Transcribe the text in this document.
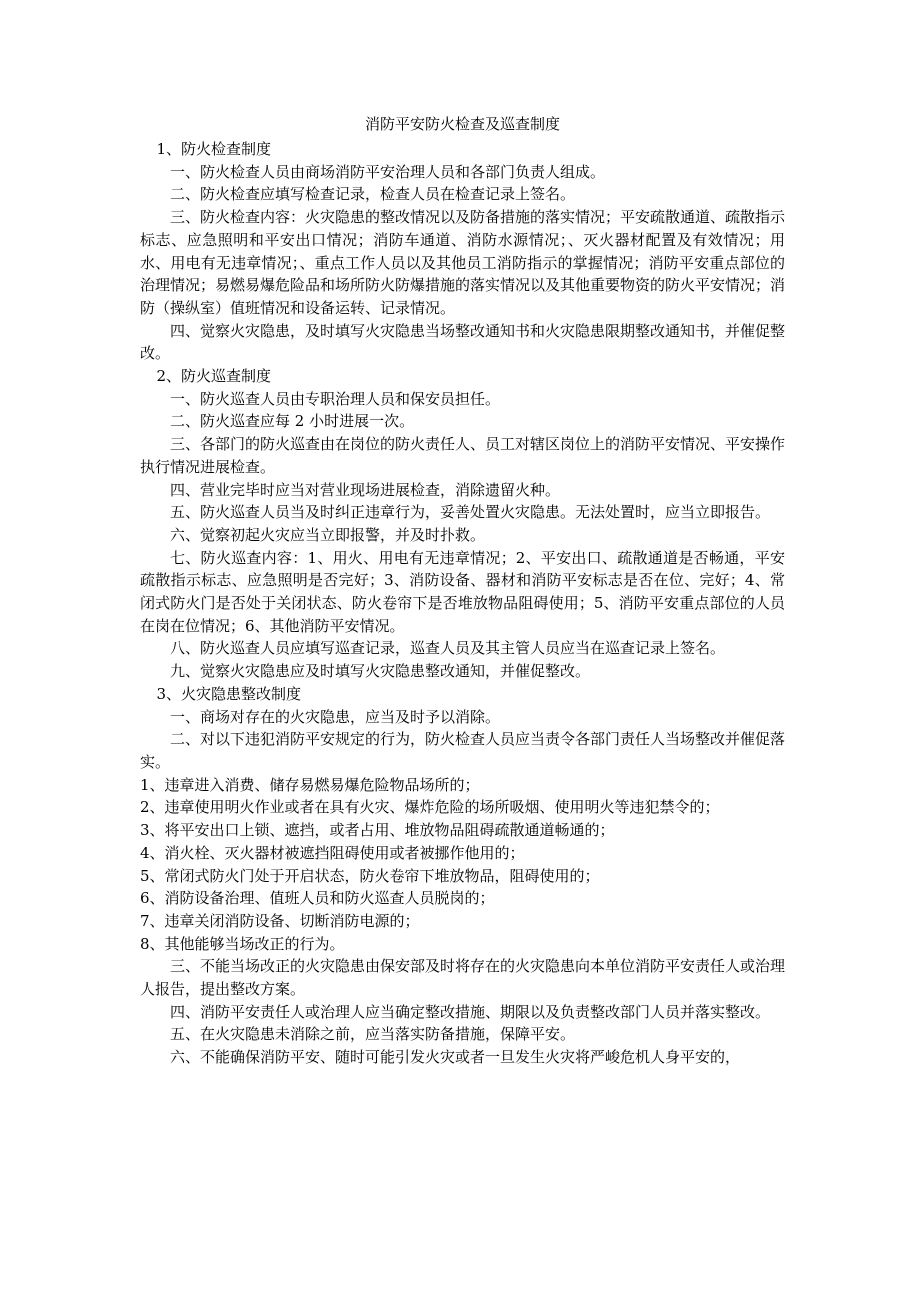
消防平安防火检查及巡查制度

1、防火检查制度

一、防火检查人员由商场消防平安治理人员和各部门负责人组成。

二、防火检查应填写检查记录，检查人员在检查记录上签名。

三、防火检查内容：火灾隐患的整改情况以及防备措施的落实情况；平安疏散通道、疏散指示标志、应急照明和平安出口情况；消防车通道、消防水源情况；、灭火器材配置及有效情况；用水、用电有无违章情况；、重点工作人员以及其他员工消防指示的掌握情况；消防平安重点部位的治理情况；易燃易爆危险品和场所防火防爆措施的落实情况以及其他重要物资的防火平安情况；消防（操纵室）值班情况和设备运转、记录情况。

四、觉察火灾隐患，及时填写火灾隐患当场整改通知书和火灾隐患限期整改通知书，并催促整改。

2、防火巡查制度

一、防火巡查人员由专职治理人员和保安员担任。

二、防火巡查应每 2 小时进展一次。

三、各部门的防火巡查由在岗位的防火责任人、员工对辖区岗位上的消防平安情况、平安操作执行情况进展检查。

四、营业完毕时应当对营业现场进展检查，消除遗留火种。

五、防火巡查人员当及时纠正违章行为，妥善处置火灾隐患。无法处置时，应当立即报告。

六、觉察初起火灾应当立即报警，并及时扑救。

七、防火巡查内容：1、用火、用电有无违章情况；2、平安出口、疏散通道是否畅通，平安疏散指示标志、应急照明是否完好；3、消防设备、器材和消防平安标志是否在位、完好；4、常闭式防火门是否处于关闭状态、防火卷帘下是否堆放物品阻碍使用；5、消防平安重点部位的人员在岗在位情况；6、其他消防平安情况。

八、防火巡查人员应填写巡查记录，巡查人员及其主管人员应当在巡查记录上签名。

九、觉察火灾隐患应及时填写火灾隐患整改通知，并催促整改。

3、火灾隐患整改制度

一、商场对存在的火灾隐患，应当及时予以消除。

二、对以下违犯消防平安规定的行为，防火检查人员应当责令各部门责任人当场整改并催促落实。

1、违章进入消费、储存易燃易爆危险物品场所的；

2、违章使用明火作业或者在具有火灾、爆炸危险的场所吸烟、使用明火等违犯禁令的；

3、将平安出口上锁、遮挡，或者占用、堆放物品阻碍疏散通道畅通的；

4、消火栓、灭火器材被遮挡阻碍使用或者被挪作他用的；

5、常闭式防火门处于开启状态，防火卷帘下堆放物品，阻碍使用的；

6、消防设备治理、值班人员和防火巡查人员脱岗的；

7、违章关闭消防设备、切断消防电源的；

8、其他能够当场改正的行为。

三、不能当场改正的火灾隐患由保安部及时将存在的火灾隐患向本单位消防平安责任人或治理人报告，提出整改方案。

四、消防平安责任人或治理人应当确定整改措施、期限以及负责整改部门人员并落实整改。

五、在火灾隐患未消除之前，应当落实防备措施，保障平安。

六、不能确保消防平安、随时可能引发火灾或者一旦发生火灾将严峻危机人身平安的，
